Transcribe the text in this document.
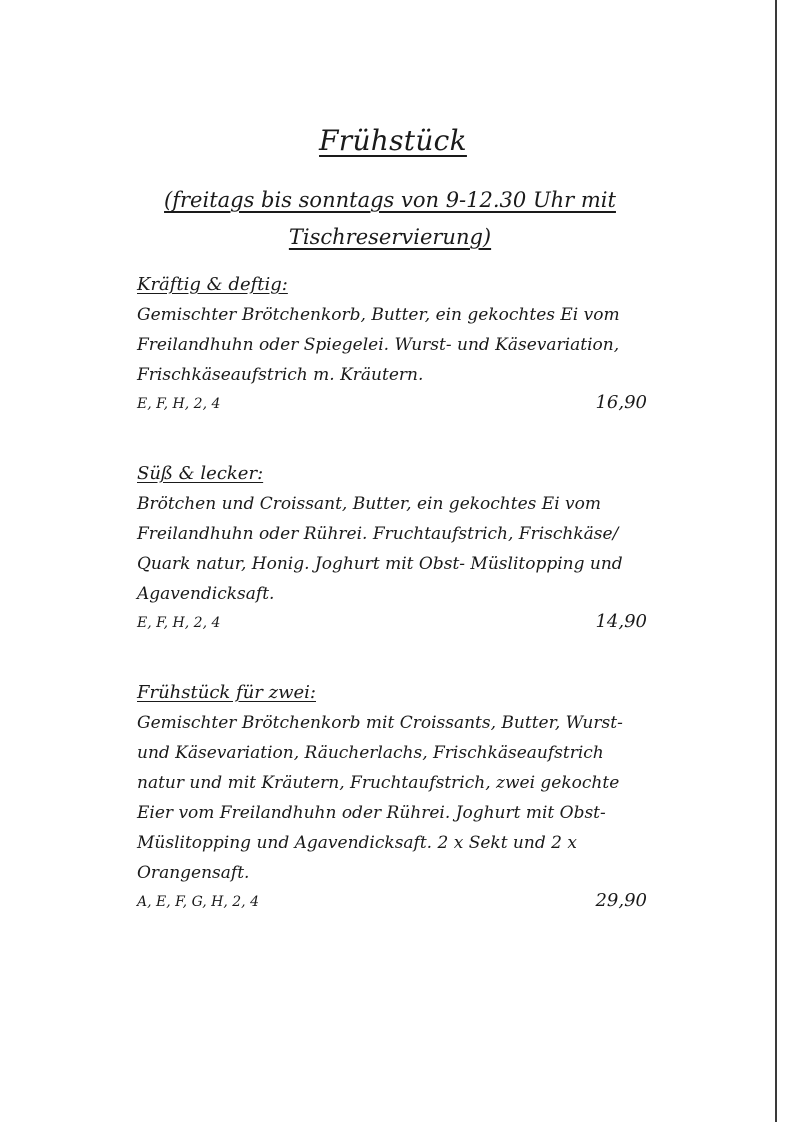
Frühstück
(freitags bis sonntags von 9-12.30 Uhr mit Tischreservierung)
Kräftig & deftig:

Gemischter Brötchenkorb, Butter, ein gekochtes Ei vom Freilandhuhn oder Spiegelei. Wurst- und Käsevariation, Frischkäseaufstrich m. Kräutern.

E, F, H, 2, 4	16,90
Süß & lecker:

Brötchen und Croissant, Butter, ein gekochtes Ei vom Freilandhuhn oder Rührei. Fruchtaufstrich, Frischkäse/ Quark natur, Honig. Joghurt mit Obst- Müslitopping und Agavendicksaft.

E, F, H, 2, 4	14,90
Frühstück für zwei:

Gemischter Brötchenkorb mit Croissants, Butter, Wurst- und Käsevariation, Räucherlachs, Frischkäseaufstrich natur und mit Kräutern, Fruchtaufstrich, zwei gekochte Eier vom Freilandhuhn oder Rührei. Joghurt mit Obst- Müslitopping und Agavendicksaft. 2 x Sekt und 2 x Orangensaft.

A, E, F, G, H, 2, 4	29,90
